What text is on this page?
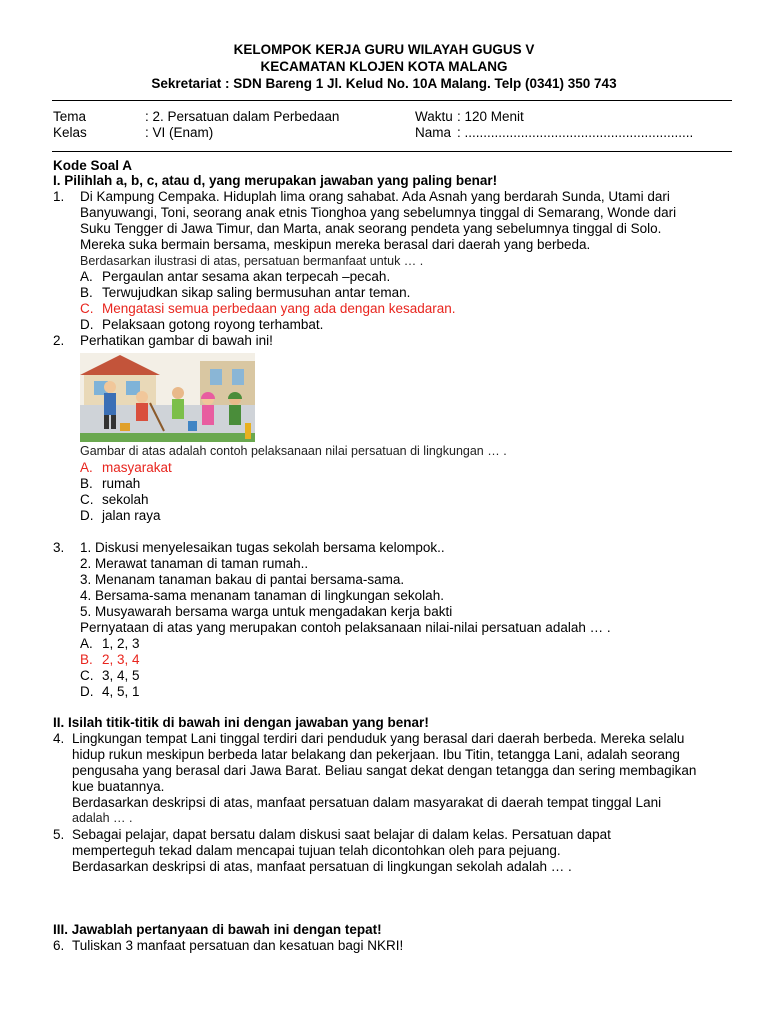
KELOMPOK KERJA GURU WILAYAH GUGUS V
KECAMATAN KLOJEN KOTA MALANG
Sekretariat : SDN Bareng 1 Jl. Kelud No. 10A Malang. Telp (0341) 350 743
Tema	: 2. Persatuan dalam Perbedaan	Waktu : 120 Menit
Kelas	: VI (Enam)	Nama : .............................................................
Kode Soal A
I. Pilihlah a, b, c, atau d, yang merupakan jawaban yang paling benar!
1. Di Kampung Cempaka. Hiduplah lima orang sahabat. Ada Asnah yang berdarah Sunda, Utami dari
Banyuwangi, Toni, seorang anak etnis Tionghoa yang sebelumnya tinggal di Semarang, Wonde dari
Suku Tengger di Jawa Timur, dan Marta, anak seorang pendeta yang sebelumnya tinggal di Solo.
Mereka suka bermain bersama, meskipun mereka berasal dari daerah yang berbeda.
Berdasarkan ilustrasi di atas, persatuan bermanfaat untuk … .
A. Pergaulan antar sesama akan terpecah –pecah.
B. Terwujudkan sikap saling bermusuhan antar teman.
C. Mengatasi semua perbedaan yang ada dengan kesadaran.
D. Pelaksaan gotong royong terhambat.
2. Perhatikan gambar di bawah ini!
Gambar di atas adalah contoh pelaksanaan nilai persatuan di lingkungan … .
A. masyarakat
B. rumah
C. sekolah
D. jalan raya
3. 1. Diskusi menyelesaikan tugas sekolah bersama kelompok..
2. Merawat tanaman di taman rumah..
3. Menanam tanaman bakau di pantai bersama-sama.
4. Bersama-sama menanam tanaman di lingkungan sekolah.
5. Musyawarah bersama warga untuk mengadakan kerja bakti
Pernyataan di atas yang merupakan contoh pelaksanaan nilai-nilai persatuan adalah … .
A. 1, 2, 3
B. 2, 3, 4
C. 3, 4, 5
D. 4, 5, 1
II. Isilah titik-titik di bawah ini dengan jawaban yang benar!
4. Lingkungan tempat Lani tinggal terdiri dari penduduk yang berasal dari daerah berbeda. Mereka selalu
hidup rukun meskipun berbeda latar belakang dan pekerjaan. Ibu Titin, tetangga Lani, adalah seorang
pengusaha yang berasal dari Jawa Barat. Beliau sangat dekat dengan tetangga dan sering membagikan
kue buatannya.
Berdasarkan deskripsi di atas, manfaat persatuan dalam masyarakat di daerah tempat tinggal Lani
adalah … .
5. Sebagai pelajar, dapat bersatu dalam diskusi saat belajar di dalam kelas. Persatuan dapat
memperteguh tekad dalam mencapai tujuan telah dicontohkan oleh para pejuang.
Berdasarkan deskripsi di atas, manfaat persatuan di lingkungan sekolah adalah … .
III. Jawablah pertanyaan di bawah ini dengan tepat!
6. Tuliskan 3 manfaat persatuan dan kesatuan bagi NKRI!
